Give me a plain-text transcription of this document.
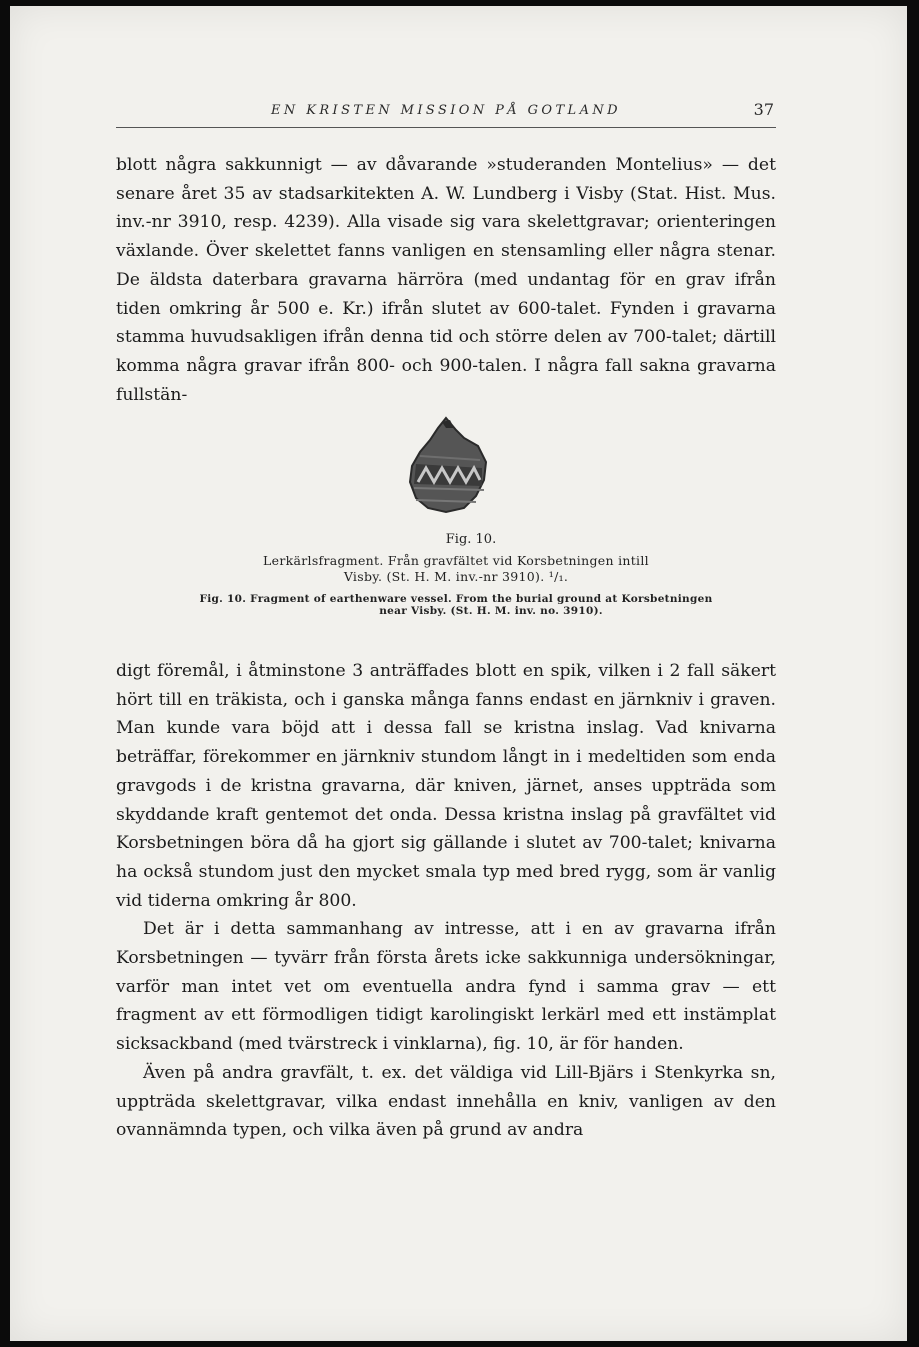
EN KRISTEN MISSION PÅ GOTLAND	37

blott några sakkunnigt — av dåvarande »studeranden Montelius» — det senare året 35 av stadsarkitekten A. W. Lundberg i Visby (Stat. Hist. Mus. inv.-nr 3910, resp. 4239). Alla visade sig vara skelettgravar; orienteringen växlande. Över skelettet fanns vanligen en stensamling eller några stenar. De äldsta daterbara gravarna härröra (med undantag för en grav ifrån tiden omkring år 500 e. Kr.) ifrån slutet av 600-talet. Fynden i gravarna stamma huvudsakligen ifrån denna tid och större delen av 700-talet; därtill komma några gravar ifrån 800- och 900-talen. I några fall sakna gravarna fullstän-

Fig. 10.
Lerkärlsfragment. Från gravfältet vid Korsbetningen intill
Visby. (St. H. M. inv.-nr 3910). ¹/₁.
Fig. 10. Fragment of earthenware vessel. From the burial ground at Korsbetningen
near Visby. (St. H. M. inv. no. 3910).

digt föremål, i åtminstone 3 anträffades blott en spik, vilken i 2 fall säkert hört till en träkista, och i ganska många fanns endast en järnkniv i graven. Man kunde vara böjd att i dessa fall se kristna inslag. Vad knivarna beträffar, förekommer en järnkniv stundom långt in i medeltiden som enda gravgods i de kristna gravarna, där kniven, järnet, anses uppträda som skyddande kraft gentemot det onda. Dessa kristna inslag på gravfältet vid Korsbetningen böra då ha gjort sig gällande i slutet av 700-talet; knivarna ha också stundom just den mycket smala typ med bred rygg, som är vanlig vid tiderna omkring år 800.

Det är i detta sammanhang av intresse, att i en av gravarna ifrån Korsbetningen — tyvärr från första årets icke sakkunniga undersökningar, varför man intet vet om eventuella andra fynd i samma grav — ett fragment av ett förmodligen tidigt karolingiskt lerkärl med ett instämplat sicksackband (med tvärstreck i vinklarna), fig. 10, är för handen.

Även på andra gravfält, t. ex. det väldiga vid Lill-Bjärs i Stenkyrka sn, uppträda skelettgravar, vilka endast innehålla en kniv, vanligen av den ovannämnda typen, och vilka även på grund av andra
